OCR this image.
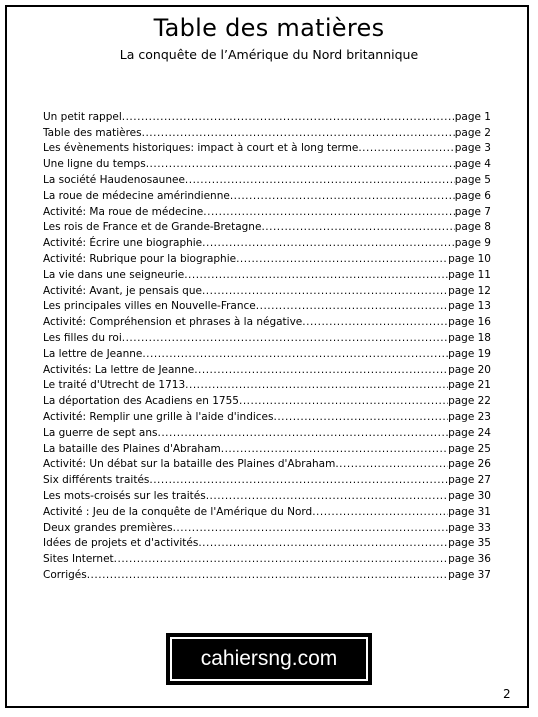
Table des matières
La conquête de l’Amérique du Nord britannique
Un petit rappel .....	page 1
Table des matières .....	page 2
Les évènements historiques: impact à court et à long terme .....	page 3
Une ligne du temps .....	page 4
La société Haudenosaunee .....	page 5
La roue de médecine amérindienne .....	page 6
Activité: Ma roue de médecine .....	page 7
Les rois de France et de Grande-Bretagne .....	page 8
Activité: Écrire une biographie .....	page 9
Activité: Rubrique pour la biographie .....	page 10
La vie dans une seigneurie .....	page 11
Activité: Avant, je pensais que .....	page 12
Les principales villes en Nouvelle-France .....	page 13
Activité: Compréhension et phrases à la négative .....	page 16
Les filles du roi .....	page 18
La lettre de Jeanne .....	page 19
Activités: La lettre de Jeanne .....	page 20
Le traité d'Utrecht de 1713 .....	page 21
La déportation des Acadiens en 1755 .....	page 22
Activité: Remplir une grille à l'aide d'indices .....	page 23
La guerre de sept ans .....	page 24
La bataille des Plaines d'Abraham .....	page 25
Activité: Un débat sur la bataille des Plaines d'Abraham .....	page 26
Six différents traités .....	page 27
Les mots-croisés sur les traités .....	page 30
Activité : Jeu de la conquête de l'Amérique du Nord .....	page 31
Deux grandes premières .....	page 33
Idées de projets et d'activités .....	page 35
Sites Internet .....	page 36
Corrigés .....	page 37
cahiersng.com
2
